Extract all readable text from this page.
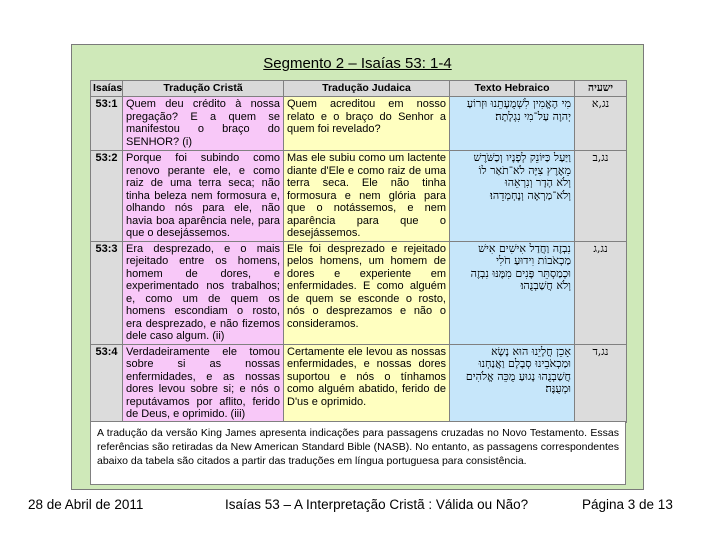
Segmento 2 – Isaías 53: 1-4
Isaías	Tradução Cristã	Tradução Judaica	Texto Hebraico	ישעיה
53:1	Quem deu crédito à nossa pregação? E a quem se manifestou o braço do SENHOR? (i)	Quem acreditou em nosso relato e o braço do Senhor a quem foi revelado?	מִי הֶאֱמִין לִשְׁמֻעָתֵנוּ וּזְרוֹעַ
יְהוָה עַל־מִי נִגְלָתָה׃	נג,א
53:2	Porque foi subindo como renovo perante ele, e como raiz de uma terra seca; não tinha beleza nem formosura e, olhando nós para ele, não havia boa aparência nele, para que o desejássemos.	Mas ele subiu como um lactente diante d'Ele e como raiz de uma terra seca. Ele não tinha formosura e nem glória para que o notássemos, e nem aparência para que o desejássemos.	וַיַּעַל כַּיּוֹנֵק לְפָנָיו וְכַשֹּׁרֶשׁ
מֵאֶרֶץ צִיָּה לֹא־תֹאַר לוֹ
וְלֹא הָדָר וְנִרְאֵהוּ
וְלֹא־מַרְאֶה וְנֶחְמְדֵהוּ׃	נג,ב
53:3	Era desprezado, e o mais rejeitado entre os homens, homem de dores, e experimentado nos trabalhos; e, como um de quem os homens escondiam o rosto, era desprezado, e não fizemos dele caso algum. (ii)	Ele foi desprezado e rejeitado pelos homens, um homem de dores e experiente em enfermidades. E como alguém de quem se esconde o rosto, nós o desprezamos e não o consideramos.	נִבְזֶה וַחֲדַל אִישִׁים אִישׁ
מַכְאֹבוֹת וִידוּעַ חֹלִי
וּכְמַסְתֵּר פָּנִים מִמֶּנּוּ נִבְזֶה
וְלֹא חֲשַׁבְנֻהוּ׃	נג,ג
53:4	Verdadeiramente ele tomou sobre si as nossas enfermidades, e as nossas dores levou sobre si; e nós o reputávamos por aflito, ferido de Deus, e oprimido. (iii)	Certamente ele levou as nossas enfermidades, e nossas dores suportou e nós o tínhamos como alguém abatido, ferido de D'us e oprimido.	אָכֵן חֳלָיֵנוּ הוּא נָשָׂא
וּמַכְאֹבֵינוּ סְבָלָם וַאֲנַחְנוּ
חֲשַׁבְנֻהוּ נָגוּעַ מֻכֵּה אֱלֹהִים
וּמְעֻנֶּה׃	נג,ד
A tradução da versão King James apresenta indicações para passagens cruzadas no Novo Testamento. Essas referências são retiradas da New American Standard Bible (NASB). No entanto, as passagens correspondentes abaixo da tabela são citados a partir das traduções em língua portuguesa para consistência.
28 de Abril de 2011	Isaías 53 – A Interpretação Cristã : Válida ou Não?	Página 3 de 13
